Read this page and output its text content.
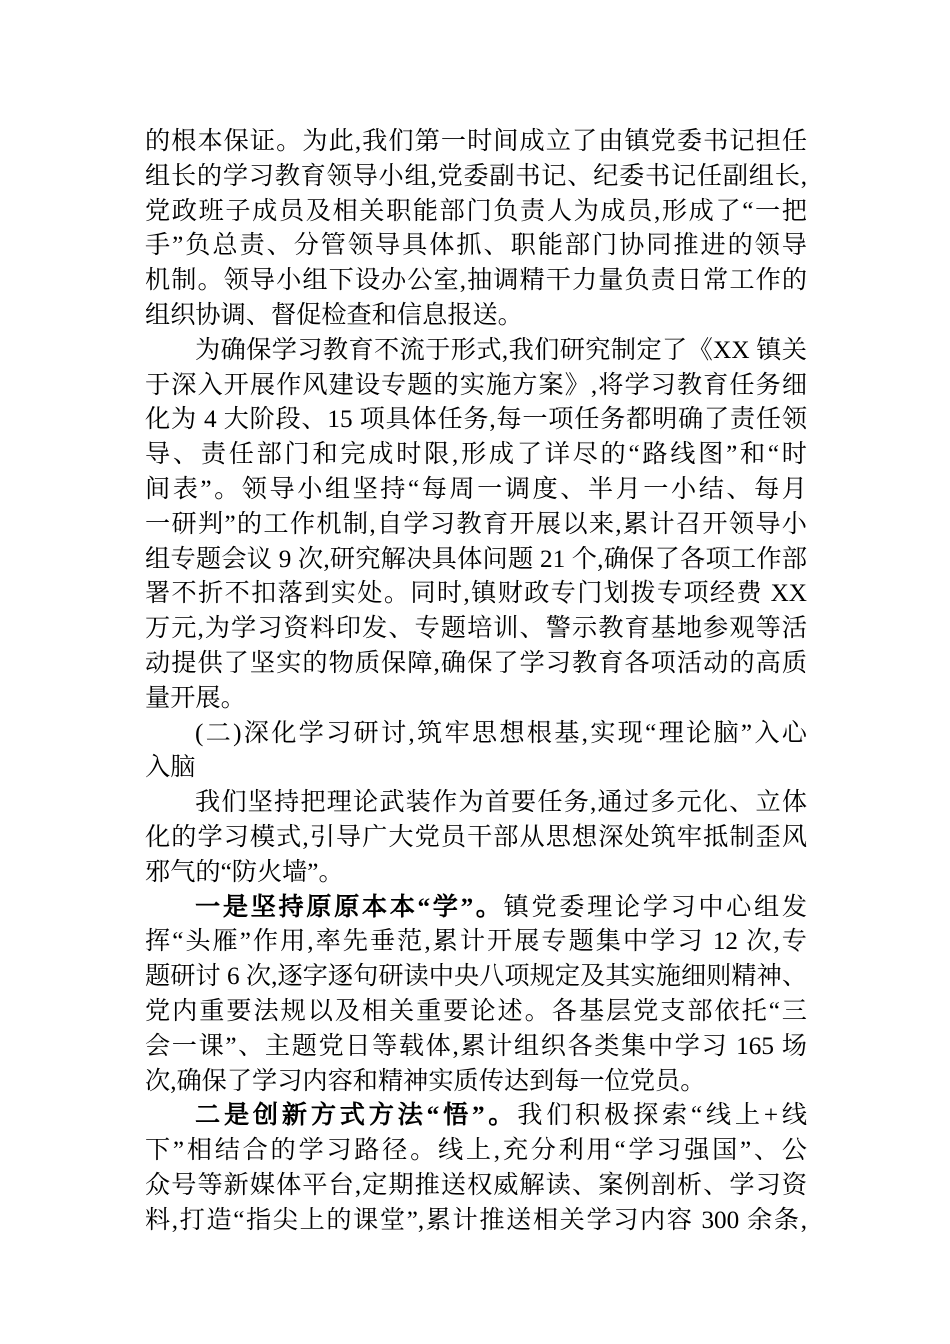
的根本保证。为此,我们第一时间成立了由镇党委书记担任
组长的学习教育领导小组,党委副书记、纪委书记任副组长,
党政班子成员及相关职能部门负责人为成员,形成了“一把
手”负总责、分管领导具体抓、职能部门协同推进的领导
机制。领导小组下设办公室,抽调精干力量负责日常工作的
组织协调、督促检查和信息报送。
为确保学习教育不流于形式,我们研究制定了《XX 镇关
于深入开展作风建设专题的实施方案》,将学习教育任务细
化为 4 大阶段、15 项具体任务,每一项任务都明确了责任领
导、责任部门和完成时限,形成了详尽的“路线图”和“时
间表”。领导小组坚持“每周一调度、半月一小结、每月
一研判”的工作机制,自学习教育开展以来,累计召开领导小
组专题会议 9 次,研究解决具体问题 21 个,确保了各项工作部
署不折不扣落到实处。同时,镇财政专门划拨专项经费 XX
万元,为学习资料印发、专题培训、警示教育基地参观等活
动提供了坚实的物质保障,确保了学习教育各项活动的高质
量开展。
(二)深化学习研讨,筑牢思想根基,实现“理论脑”入心
入脑
我们坚持把理论武装作为首要任务,通过多元化、立体
化的学习模式,引导广大党员干部从思想深处筑牢抵制歪风
邪气的“防火墙”。
一是坚持原原本本“学”。镇党委理论学习中心组发
挥“头雁”作用,率先垂范,累计开展专题集中学习 12 次,专
题研讨 6 次,逐字逐句研读中央八项规定及其实施细则精神、
党内重要法规以及相关重要论述。各基层党支部依托“三
会一课”、主题党日等载体,累计组织各类集中学习 165 场
次,确保了学习内容和精神实质传达到每一位党员。
二是创新方式方法“悟”。我们积极探索“线上+线
下”相结合的学习路径。线上,充分利用“学习强国”、公
众号等新媒体平台,定期推送权威解读、案例剖析、学习资
料,打造“指尖上的课堂”,累计推送相关学习内容 300 余条,
